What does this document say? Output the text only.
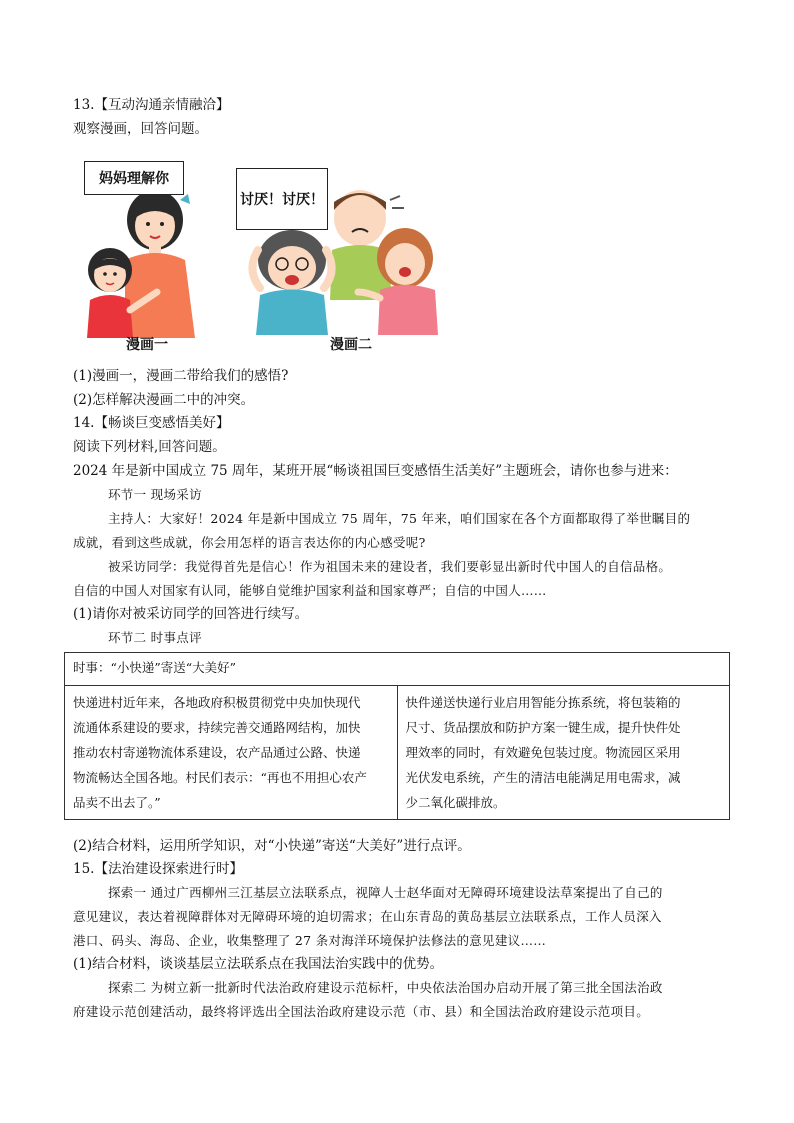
13.【互动沟通亲情融洽】
观察漫画，回答问题。
妈妈理解你
漫画一
讨厌！讨厌！
漫画二
(1)漫画一，漫画二带给我们的感悟?
(2)怎样解决漫画二中的冲突。
14.【畅谈巨变感悟美好】
阅读下列材料,回答问题。
2024 年是新中国成立 75 周年，某班开展“畅谈祖国巨变感悟生活美好”主题班会，请你也参与进来：
环节一 现场采访
主持人：大家好！2024 年是新中国成立 75 周年，75 年来，咱们国家在各个方面都取得了举世瞩目的
成就，看到这些成就，你会用怎样的语言表达你的内心感受呢?
被采访同学：我觉得首先是信心！作为祖国未来的建设者，我们要彰显出新时代中国人的自信品格。
自信的中国人对国家有认同，能够自觉维护国家利益和国家尊严；自信的中国人……
(1)请你对被采访同学的回答进行续写。
环节二 时事点评
时事：“小快递”寄送“大美好”

快递进村近年来，各地政府积极贯彻党中央加快现代
流通体系建设的要求，持续完善交通路网结构，加快
推动农村寄递物流体系建设，农产品通过公路、快递
物流畅达全国各地。村民们表示：“再也不用担心农产
品卖不出去了。”

快件递送快递行业启用智能分拣系统，将包装箱的
尺寸、货品摆放和防护方案一键生成，提升快件处
理效率的同时，有效避免包装过度。物流园区采用
光伏发电系统，产生的清洁电能满足用电需求，减
少二氧化碳排放。
(2)结合材料，运用所学知识，对“小快递”寄送“大美好”进行点评。
15.【法治建设探索进行时】
探索一 通过广西柳州三江基层立法联系点，视障人士赵华面对无障碍环境建设法草案提出了自己的
意见建议，表达着视障群体对无障碍环境的迫切需求；在山东青岛的黄岛基层立法联系点，工作人员深入
港口、码头、海岛、企业，收集整理了 27 条对海洋环境保护法修法的意见建议……
(1)结合材料，谈谈基层立法联系点在我国法治实践中的优势。
探索二 为树立新一批新时代法治政府建设示范标杆，中央依法治国办启动开展了第三批全国法治政
府建设示范创建活动，最终将评选出全国法治政府建设示范（市、县）和全国法治政府建设示范项目。
